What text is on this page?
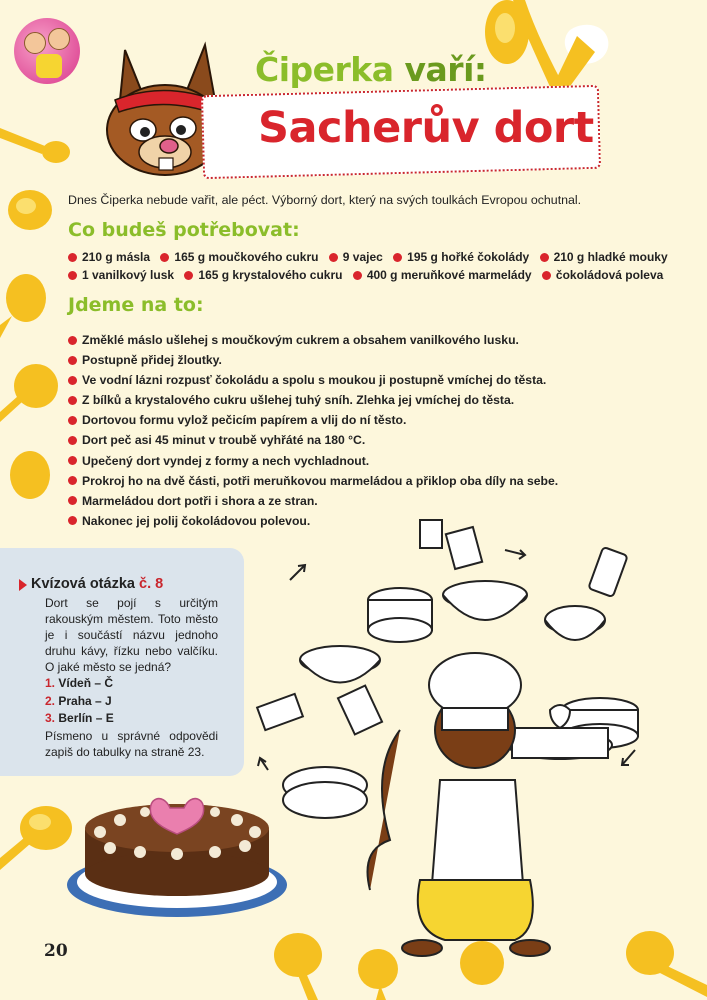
Čiperka vaří:
Sacherův dort
Dnes Čiperka nebude vařit, ale péct. Výborný dort, který na svých toulkách Evropou ochutnal.
Co budeš potřebovat:
210 g másla 165 g moučkového cukru 9 vajec 195 g hořké čokolády 210 g hladké mouky
1 vanilkový lusk 165 g krystalového cukru 400 g meruňkové marmelády čokoládová poleva
Jdeme na to:
Změklé máslo ušlehej s moučkovým cukrem a obsahem vanilkového lusku.
Postupně přidej žloutky.
Ve vodní lázni rozpusť čokoládu a spolu s moukou ji postupně vmíchej do těsta.
Z bílků a krystalového cukru ušlehej tuhý sníh. Zlehka jej vmíchej do těsta.
Dortovou formu vylož pečicím papírem a vlij do ní těsto.
Dort peč asi 45 minut v troubě vyhřáté na 180 °C.
Upečený dort vyndej z formy a nech vychladnout.
Prokroj ho na dvě části, potři meruňkovou marmeládou a přiklop oba díly na sebe.
Marmeládou dort potři i shora a ze stran.
Nakonec jej polij čokoládovou polevou.
Kvízová otázka č. 8
Dort se pojí s určitým rakouským městem. Toto město je i součástí názvu jednoho druhu kávy, řízku nebo valčíku. O jaké město se jedná?
1. Vídeň – Č
2. Praha – J
3. Berlín – E
Písmeno u správné odpovědi zapiš do tabulky na straně 23.
20
